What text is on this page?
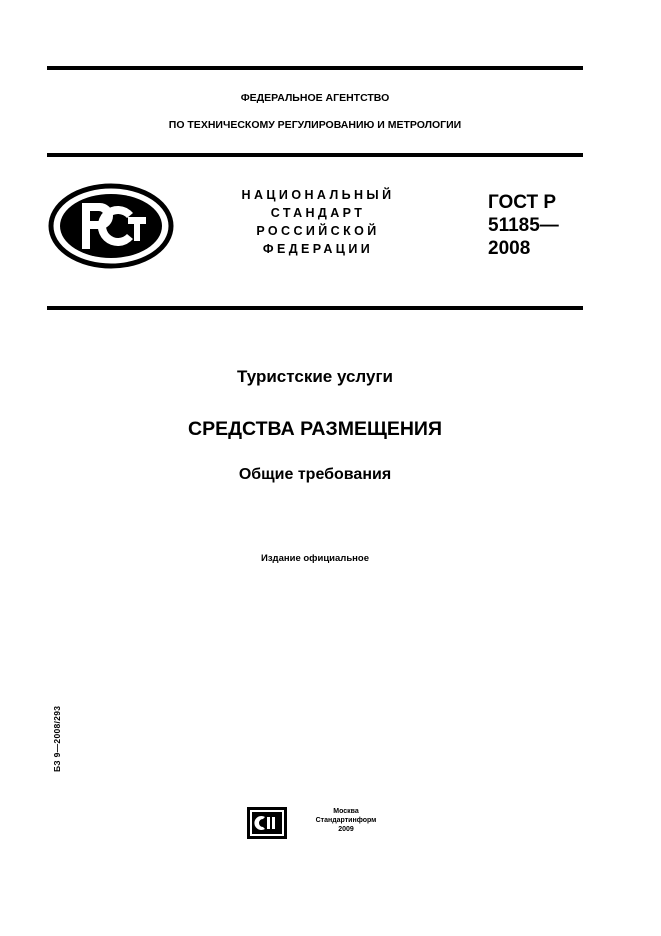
ФЕДЕРАЛЬНОЕ АГЕНТСТВО
ПО ТЕХНИЧЕСКОМУ РЕГУЛИРОВАНИЮ И МЕТРОЛОГИИ
НАЦИОНАЛЬНЫЙ
СТАНДАРТ
РОССИЙСКОЙ
ФЕДЕРАЦИИ
ГОСТ Р
51185—
2008
Туристские услуги
СРЕДСТВА РАЗМЕЩЕНИЯ
Общие требования
Издание официальное
БЗ 9—2008/293
Москва
Стандартинформ
2009
